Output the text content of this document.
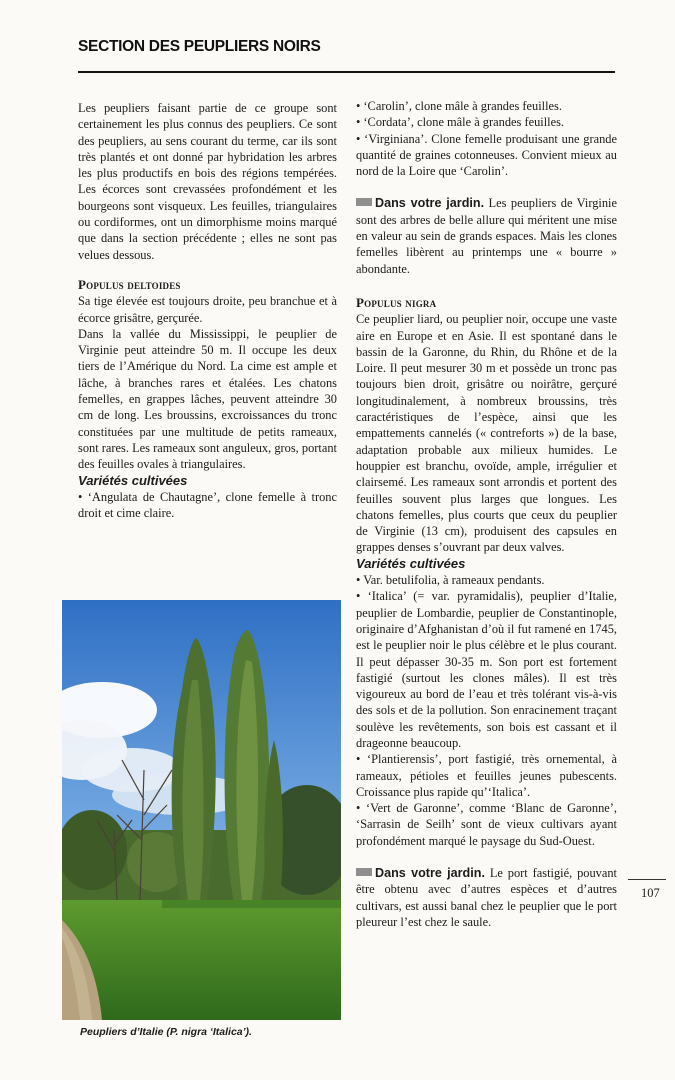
SECTION DES PEUPLIERS NOIRS

Les peupliers faisant partie de ce groupe sont certainement les plus connus des peupliers. Ce sont des peupliers, au sens courant du terme, car ils sont très plantés et ont donné par hybridation les arbres les plus productifs en bois des régions tempérées. Les écorces sont crevassées profondément et les bourgeons sont visqueux. Les feuilles, triangulaires ou cordiformes, ont un dimorphisme moins marqué que dans la section précédente ; elles ne sont pas velues dessous.

Populus deltoides

Sa tige élevée est toujours droite, peu branchue et à écorce grisâtre, gerçurée.

Dans la vallée du Mississippi, le peuplier de Virginie peut atteindre 50 m. Il occupe les deux tiers de l’Amérique du Nord. La cime est ample et lâche, à branches rares et étalées. Les chatons femelles, en grappes lâches, peuvent atteindre 30 cm de long. Les broussins, excroissances du tronc constituées par une multitude de petits rameaux, sont rares. Les rameaux sont anguleux, gros, portant des feuilles ovales à triangulaires.

Variétés cultivées

• ‘Angulata de Chautagne’, clone femelle à tronc droit et cime claire.

Peupliers d’Italie (P. nigra ‘Italica’).

• ‘Carolin’, clone mâle à grandes feuilles.

• ‘Cordata’, clone mâle à grandes feuilles.

• ‘Virginiana’. Clone femelle produisant une grande quantité de graines cotonneuses. Convient mieux au nord de la Loire que ‘Carolin’.

Dans votre jardin. Les peupliers de Virginie sont des arbres de belle allure qui méritent une mise en valeur au sein de grands espaces. Mais les clones femelles libèrent au printemps une « bourre » abondante.

Populus nigra

Ce peuplier liard, ou peuplier noir, occupe une vaste aire en Europe et en Asie. Il est spontané dans le bassin de la Garonne, du Rhin, du Rhône et de la Loire. Il peut mesurer 30 m et possède un tronc pas toujours bien droit, grisâtre ou noirâtre, gerçuré longitudinalement, à nombreux broussins, très caractéristiques de l’espèce, ainsi que les empattements cannelés (« contreforts ») de la base, adaptation probable aux milieux humides. Le houppier est branchu, ovoïde, ample, irrégulier et clairsemé. Les rameaux sont arrondis et portent des feuilles souvent plus larges que longues. Les chatons femelles, plus courts que ceux du peuplier de Virginie (13 cm), produisent des capsules en grappes denses s’ouvrant par deux valves.

Variétés cultivées

• Var. betulifolia, à rameaux pendants.

• ‘Italica’ (= var. pyramidalis), peuplier d’Italie, peuplier de Lombardie, peuplier de Constantinople, originaire d’Afghanistan d’où il fut ramené en 1745, est le peuplier noir le plus célèbre et le plus courant. Il peut dépasser 30-35 m. Son port est fortement fastigié (surtout les clones mâles). Il est très vigoureux au bord de l’eau et très tolérant vis-à-vis des sols et de la pollution. Son enracinement traçant soulève les revêtements, son bois est cassant et il drageonne beaucoup.

• ‘Plantierensis’, port fastigié, très ornemental, à rameaux, pétioles et feuilles jeunes pubescents. Croissance plus rapide qu’‘Italica’.

• ‘Vert de Garonne’, comme ‘Blanc de Garonne’, ‘Sarrasin de Seilh’ sont de vieux cultivars ayant profondément marqué le paysage du Sud-Ouest.

Dans votre jardin. Le port fastigié, pouvant être obtenu avec d’autres espèces et d’autres cultivars, est aussi banal chez le peuplier que le port pleureur l’est chez le saule.

107
